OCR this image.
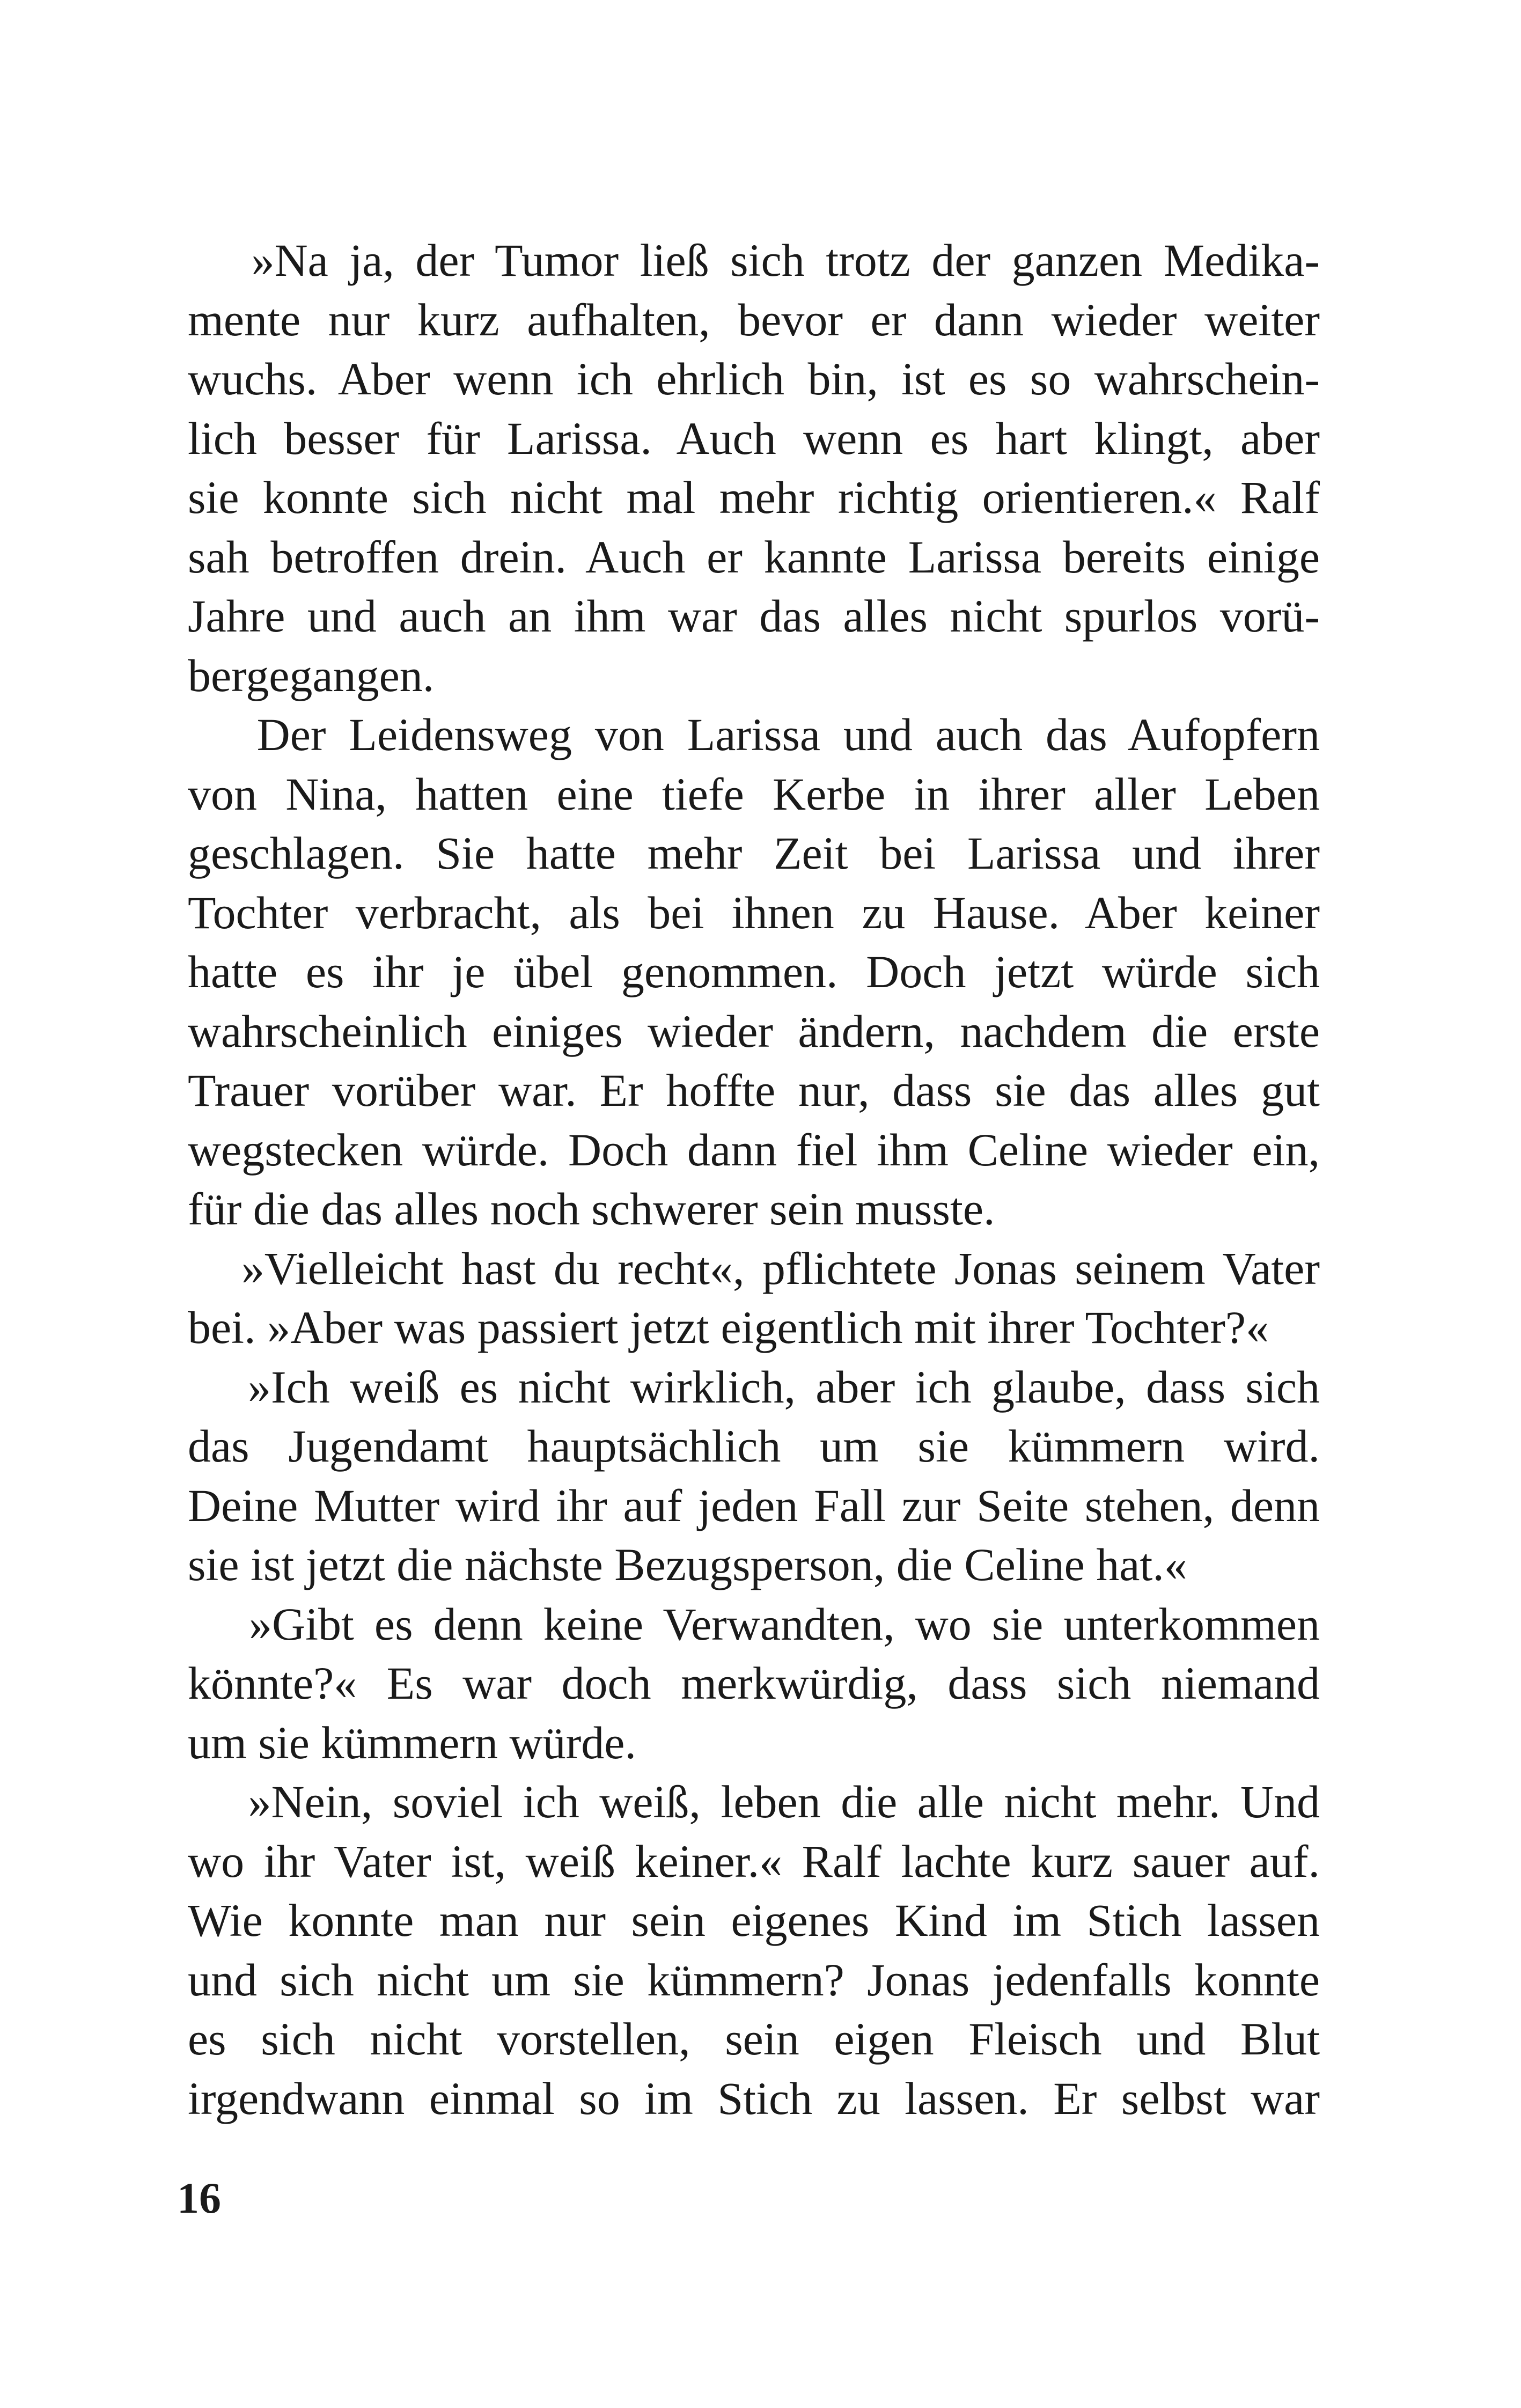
»Na ja, der Tumor ließ sich trotz der ganzen Medika-
mente nur kurz aufhalten, bevor er dann wieder weiter
wuchs. Aber wenn ich ehrlich bin, ist es so wahrschein-
lich besser für Larissa. Auch wenn es hart klingt, aber
sie konnte sich nicht mal mehr richtig orientieren.« Ralf
sah betroffen drein. Auch er kannte Larissa bereits einige
Jahre und auch an ihm war das alles nicht spurlos vorü-
bergegangen.
Der Leidensweg von Larissa und auch das Aufopfern
von Nina, hatten eine tiefe Kerbe in ihrer aller Leben
geschlagen. Sie hatte mehr Zeit bei Larissa und ihrer
Tochter verbracht, als bei ihnen zu Hause. Aber keiner
hatte es ihr je übel genommen. Doch jetzt würde sich
wahrscheinlich einiges wieder ändern, nachdem die erste
Trauer vorüber war. Er hoffte nur, dass sie das alles gut
wegstecken würde. Doch dann fiel ihm Celine wieder ein,
für die das alles noch schwerer sein musste.
»Vielleicht hast du recht«, pflichtete Jonas seinem Vater
bei. »Aber was passiert jetzt eigentlich mit ihrer Tochter?«
»Ich weiß es nicht wirklich, aber ich glaube, dass sich
das Jugendamt hauptsächlich um sie kümmern wird.
Deine Mutter wird ihr auf jeden Fall zur Seite stehen, denn
sie ist jetzt die nächste Bezugsperson, die Celine hat.«
»Gibt es denn keine Verwandten, wo sie unterkommen
könnte?« Es war doch merkwürdig, dass sich niemand
um sie kümmern würde.
»Nein, soviel ich weiß, leben die alle nicht mehr. Und
wo ihr Vater ist, weiß keiner.« Ralf lachte kurz sauer auf.
Wie konnte man nur sein eigenes Kind im Stich lassen
und sich nicht um sie kümmern? Jonas jedenfalls konnte
es sich nicht vorstellen, sein eigen Fleisch und Blut
irgendwann einmal so im Stich zu lassen. Er selbst war
16
